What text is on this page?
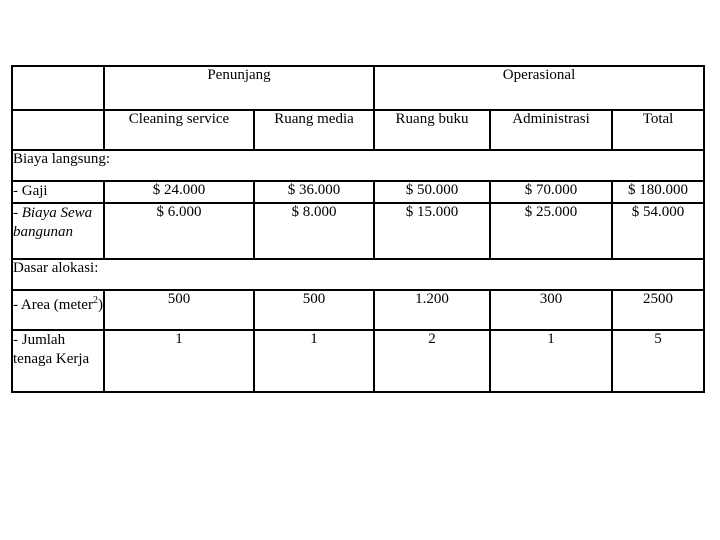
	Penunjang		Operasional		
	Cleaning service	Ruang media	Ruang buku	Administrasi	Total
Biaya langsung:					
- Gaji	$ 24.000	$ 36.000	$ 50.000	$ 70.000	$ 180.000
- Biaya Sewa bangunan	$ 6.000	$ 8.000	$ 15.000	$ 25.000	$ 54.000
Dasar alokasi:					
- Area (meter$^2$)	500	500	1.200	300	2500
- Jumlah tenaga Kerja	1	1	2	1	5
